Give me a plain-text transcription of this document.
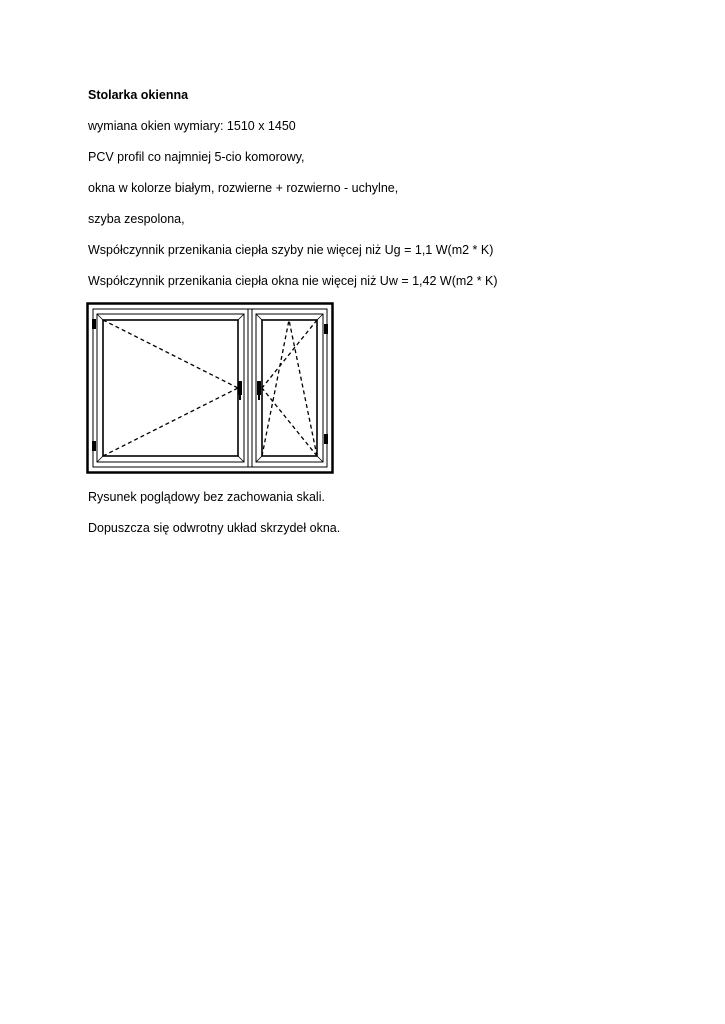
Stolarka okienna
wymiana okien wymiary: 1510 x 1450
PCV profil co najmniej 5-cio komorowy,
okna w kolorze białym, rozwierne + rozwierno - uchylne,
szyba zespolona,
Współczynnik przenikania ciepła szyby nie więcej niż Ug = 1,1 W(m2 * K)
Współczynnik przenikania ciepła okna nie więcej niż Uw = 1,42 W(m2 * K)
Rysunek poglądowy bez zachowania skali.
Dopuszcza się odwrotny układ skrzydeł okna.
